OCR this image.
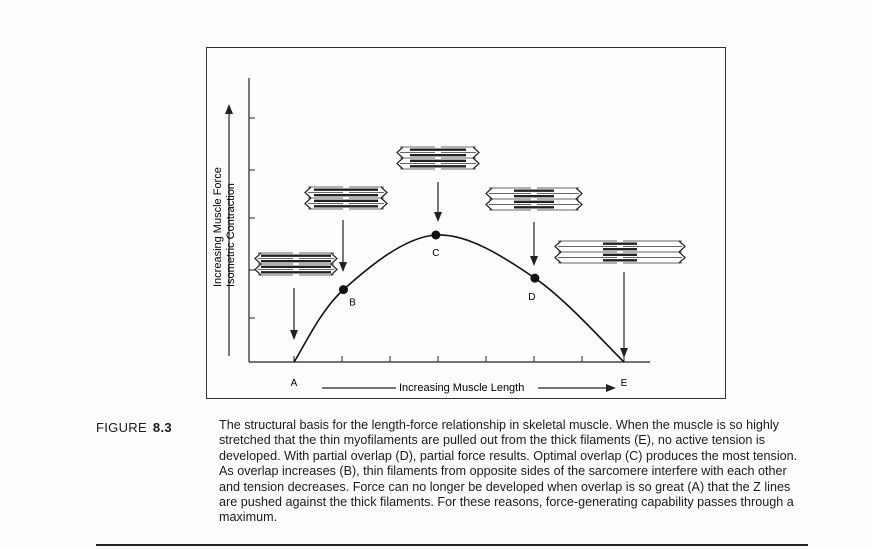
A
B
C
D
E
Increasing Muscle Force Isometric Contraction
Increasing Muscle Length
FIGURE 8.3	The structural basis for the length-force relationship in skeletal muscle. When the muscle is so highly stretched that the thin myofilaments are pulled out from the thick filaments (E), no active tension is developed. With partial overlap (D), partial force results. Optimal overlap (C) produces the most tension. As overlap increases (B), thin filaments from opposite sides of the sarcomere interfere with each other and tension decreases. Force can no longer be developed when overlap is so great (A) that the Z lines are pushed against the thick filaments. For these reasons, force-generating capability passes through a maximum.
